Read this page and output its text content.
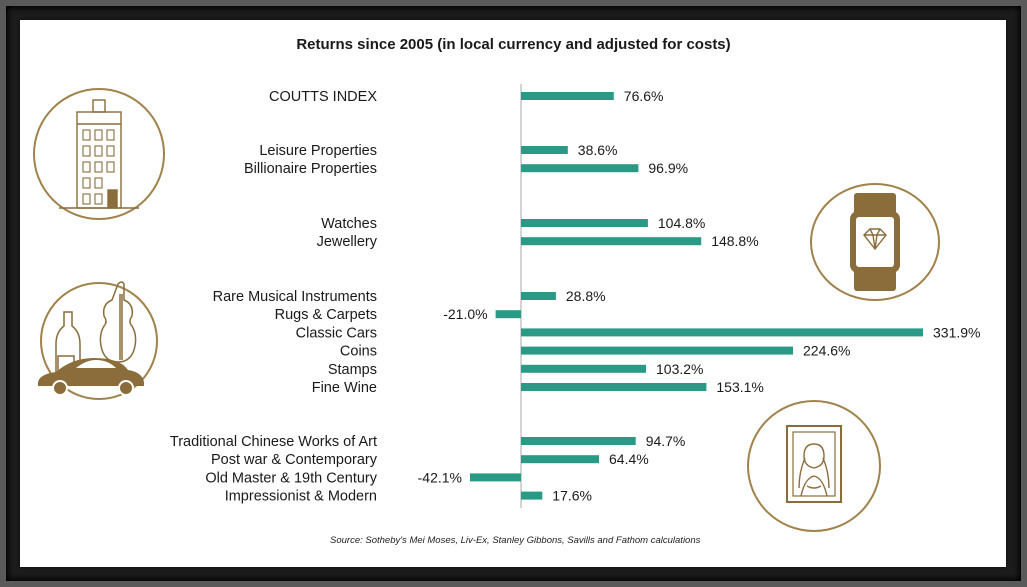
Returns since 2005 (in local currency and adjusted for costs)
COUTTS INDEX	76.6%
Leisure Properties	38.6%
Billionaire Properties	96.9%
Watches	104.8%
Jewellery	148.8%
Rare Musical Instruments	28.8%
Rugs & Carpets	-21.0%
Classic Cars	331.9%
Coins	224.6%
Stamps	103.2%
Fine Wine	153.1%
Traditional Chinese Works of Art	94.7%
Post war & Contemporary	64.4%
Old Master & 19th Century	-42.1%
Impressionist & Modern	17.6%
Source: Sotheby's Mei Moses, Liv-Ex, Stanley Gibbons, Savills and Fathom calculations
